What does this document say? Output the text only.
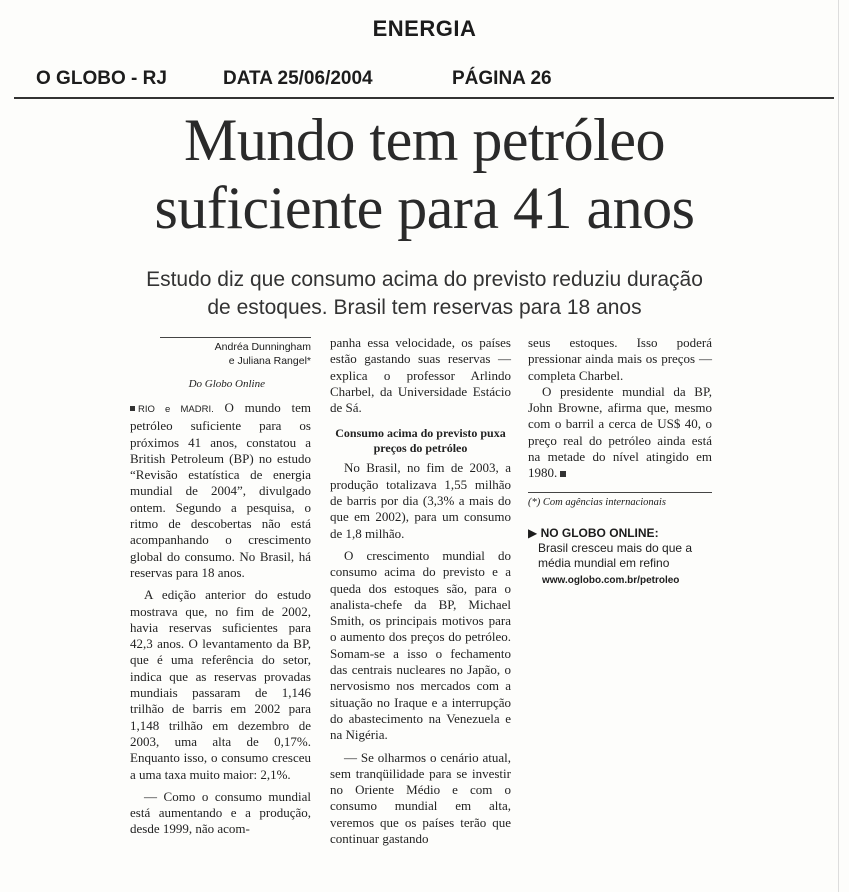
ENERGIA
O GLOBO - RJ	DATA 25/06/2004	PÁGINA 26
Mundo tem petróleo
suficiente para 41 anos
Estudo diz que consumo acima do previsto reduziu duração
de estoques. Brasil tem reservas para 18 anos
Andréa Dunningham
e Juliana Rangel*
Do Globo Online

RIO e MADRI. O mundo tem petróleo suficiente para os próximos 41 anos, constatou a British Petroleum (BP) no estudo “Revisão estatística de energia mundial de 2004”, divulgado ontem. Segundo a pesquisa, o ritmo de descobertas não está acompanhando o crescimento global do consumo. No Brasil, há reservas para 18 anos.

A edição anterior do estudo mostrava que, no fim de 2002, havia reservas suficientes para 42,3 anos. O levantamento da BP, que é uma referência do setor, indica que as reservas provadas mundiais passaram de 1,146 trilhão de barris em 2002 para 1,148 trilhão em dezembro de 2003, uma alta de 0,17%. Enquanto isso, o consumo cresceu a uma taxa muito maior: 2,1%.

— Como o consumo mundial está aumentando e a produção, desde 1999, não acom-

panha essa velocidade, os países estão gastando suas reservas — explica o professor Arlindo Charbel, da Universidade Estácio de Sá.

Consumo acima do previsto puxa preços do petróleo

No Brasil, no fim de 2003, a produção totalizava 1,55 milhão de barris por dia (3,3% a mais do que em 2002), para um consumo de 1,8 milhão.

O crescimento mundial do consumo acima do previsto e a queda dos estoques são, para o analista-chefe da BP, Michael Smith, os principais motivos para o aumento dos preços do petróleo. Somam-se a isso o fechamento das centrais nucleares no Japão, o nervosismo nos mercados com a situação no Iraque e a interrupção do abastecimento na Venezuela e na Nigéria.

— Se olharmos o cenário atual, sem tranqüilidade para se investir no Oriente Médio e com o consumo mundial em alta, veremos que os países terão que continuar gastando

seus estoques. Isso poderá pressionar ainda mais os preços — completa Charbel.

O presidente mundial da BP, John Browne, afirma que, mesmo com o barril a cerca de US$ 40, o preço real do petróleo ainda está na metade do nível atingido em 1980.

(*) Com agências internacionais
▶ NO GLOBO ONLINE:
Brasil cresceu mais do que a média mundial em refino
www.oglobo.com.br/petroleo
